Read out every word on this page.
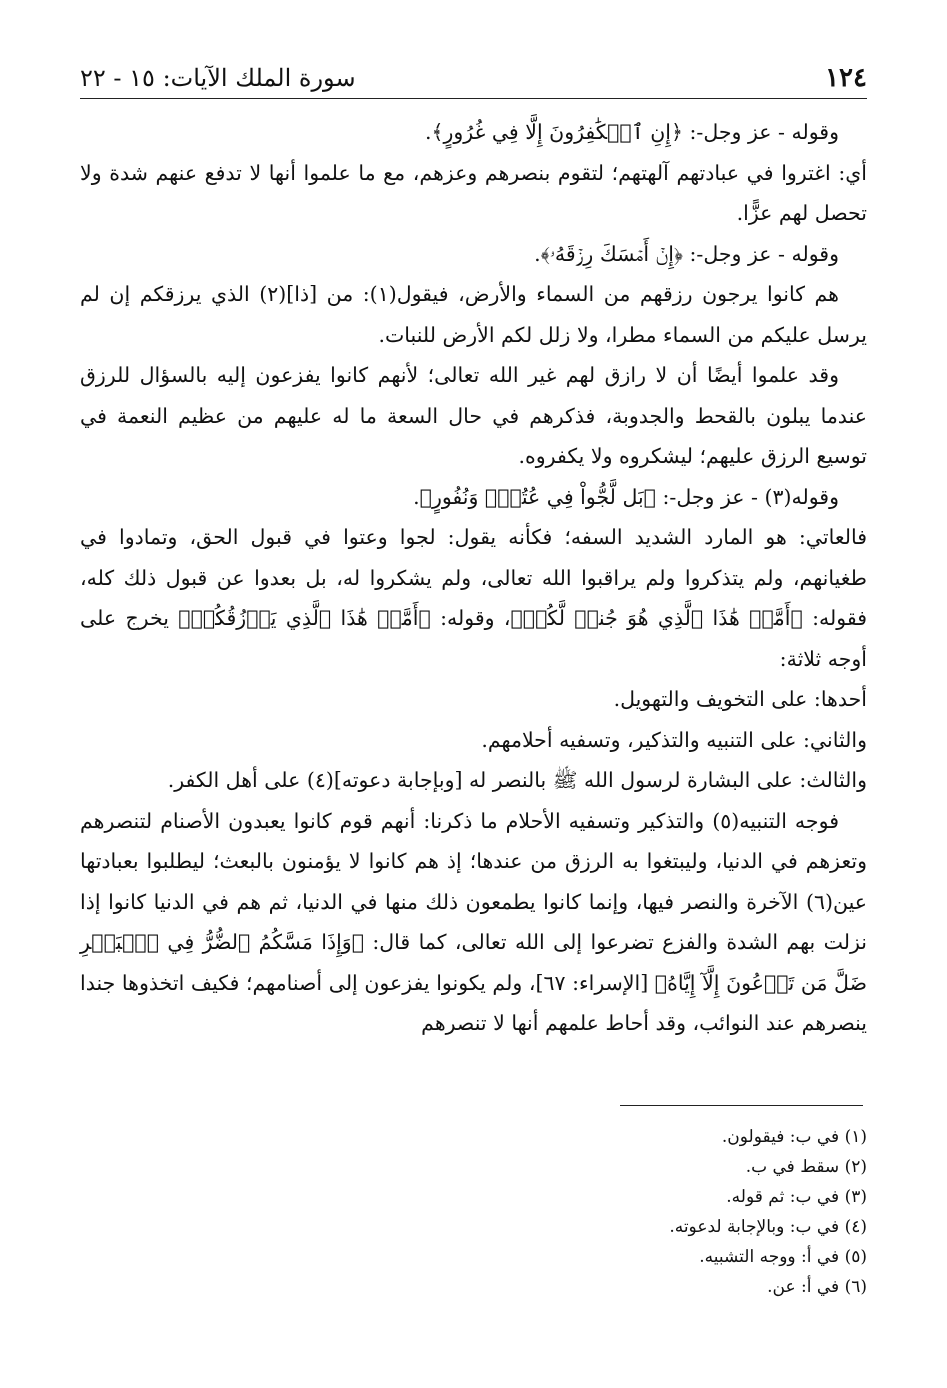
١٢٤
سورة الملك الآيات: ١٥ - ٢٢

وقوله - عز وجل-: ﴿إِنِ ٱلۡكَٰفِرُونَ إِلَّا فِي غُرُورٍ﴾.

أي: اغتروا في عبادتهم آلهتهم؛ لتقوم بنصرهم وعزهم، مع ما علموا أنها لا تدفع عنهم شدة ولا تحصل لهم عزًّا.

وقوله - عز وجل-: ﴿إِنۡ أَمۡسَكَ رِزۡقَهُۥ﴾.

هم كانوا يرجون رزقهم من السماء والأرض، فيقول(١): من [ذا](٢) الذي يرزقكم إن لم يرسل عليكم من السماء مطرا، ولا زلل لكم الأرض للنبات.

وقد علموا أيضًا أن لا رازق لهم غير الله تعالى؛ لأنهم كانوا يفزعون إليه بالسؤال للرزق عندما يبلون بالقحط والجدوبة، فذكرهم في حال السعة ما له عليهم من عظيم النعمة في توسيع الرزق عليهم؛ ليشكروه ولا يكفروه.

وقوله(٣) - عز وجل-: ﴿بَل لَّجُّواْ فِي عُتُوّٖ وَنُفُورٍ﴾.

فالعاتي: هو المارد الشديد السفه؛ فكأنه يقول: لجوا وعتوا في قبول الحق، وتمادوا في طغيانهم، ولم يتذكروا ولم يراقبوا الله تعالى، ولم يشكروا له، بل بعدوا عن قبول ذلك كله، فقوله: ﴿أَمَّنۡ هَٰذَا ٱلَّذِي هُوَ جُندٞ لَّكُمۡ﴾، وقوله: ﴿أَمَّنۡ هَٰذَا ٱلَّذِي يَرۡزُقُكُمۡ﴾ يخرج على أوجه ثلاثة:

أحدها: على التخويف والتهويل.

والثاني: على التنبيه والتذكير، وتسفيه أحلامهم.

والثالث: على البشارة لرسول الله ﷺ بالنصر له [وبإجابة دعوته](٤) على أهل الكفر.

فوجه التنبيه(٥) والتذكير وتسفيه الأحلام ما ذكرنا: أنهم قوم كانوا يعبدون الأصنام لتنصرهم وتعزهم في الدنيا، وليبتغوا به الرزق من عندها؛ إذ هم كانوا لا يؤمنون بالبعث؛ ليطلبوا بعبادتها عين(٦) الآخرة والنصر فيها، وإنما كانوا يطمعون ذلك منها في الدنيا، ثم هم في الدنيا كانوا إذا نزلت بهم الشدة والفزع تضرعوا إلى الله تعالى، كما قال: ﴿وَإِذَا مَسَّكُمُ ٱلضُّرُّ فِي ٱلۡبَحۡرِ ضَلَّ مَن تَدۡعُونَ إِلَّآ إِيَّاهُ﴾ [الإسراء: ٦٧]، ولم يكونوا يفزعون إلى أصنامهم؛ فكيف اتخذوها جندا ينصرهم عند النوائب، وقد أحاط علمهم أنها لا تنصرهم

(١) في ب: فيقولون.
(٢) سقط في ب.
(٣) في ب: ثم قوله.
(٤) في ب: وبالإجابة لدعوته.
(٥) في أ: ووجه التشبيه.
(٦) في أ: عن.
